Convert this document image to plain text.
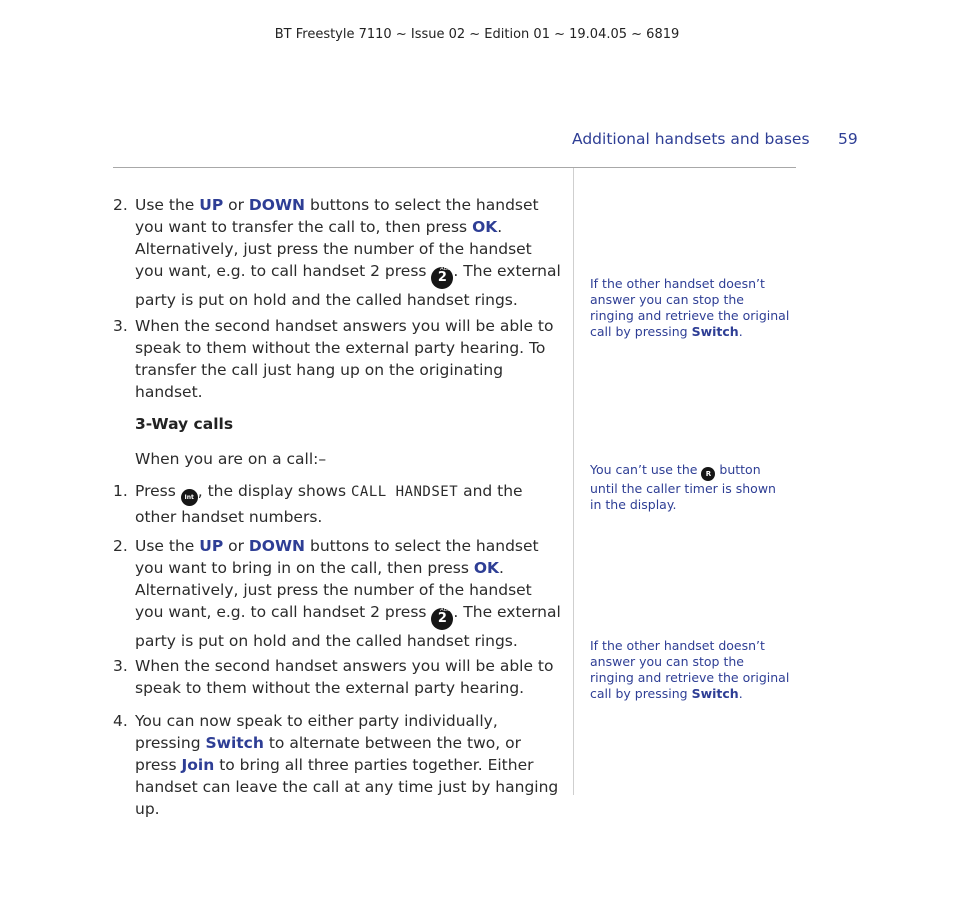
BT Freestyle 7110 ~ Issue 02 ~ Edition 01 ~ 19.04.05 ~ 6819
Additional handsets and bases 59
2. Use the UP or DOWN buttons to select the handset you want to transfer the call to, then press OK. Alternatively, just press the number of the handset you want, e.g. to call handset 2 press ABC
2 . The external party is put on hold and the called handset rings.
3. When the second handset answers you will be able to speak to them without the external party hearing. To transfer the call just hang up on the originating handset.
3-Way calls
When you are on a call:–
1. Press Int , the display shows CALL HANDSET and the other handset numbers.
2. Use the UP or DOWN buttons to select the handset you want to bring in on the call, then press OK. Alternatively, just press the number of the handset you want, e.g. to call handset 2 press ABC
2 . The external party is put on hold and the called handset rings.
3. When the second handset answers you will be able to speak to them without the external party hearing.
4. You can now speak to either party individually, pressing Switch to alternate between the two, or press Join to bring all three parties together. Either handset can leave the call at any time just by hanging up.
If the other handset doesn’t answer you can stop the ringing and retrieve the original call by pressing Switch.
You can’t use the R button until the caller timer is shown in the display.
If the other handset doesn’t answer you can stop the ringing and retrieve the original call by pressing Switch.
